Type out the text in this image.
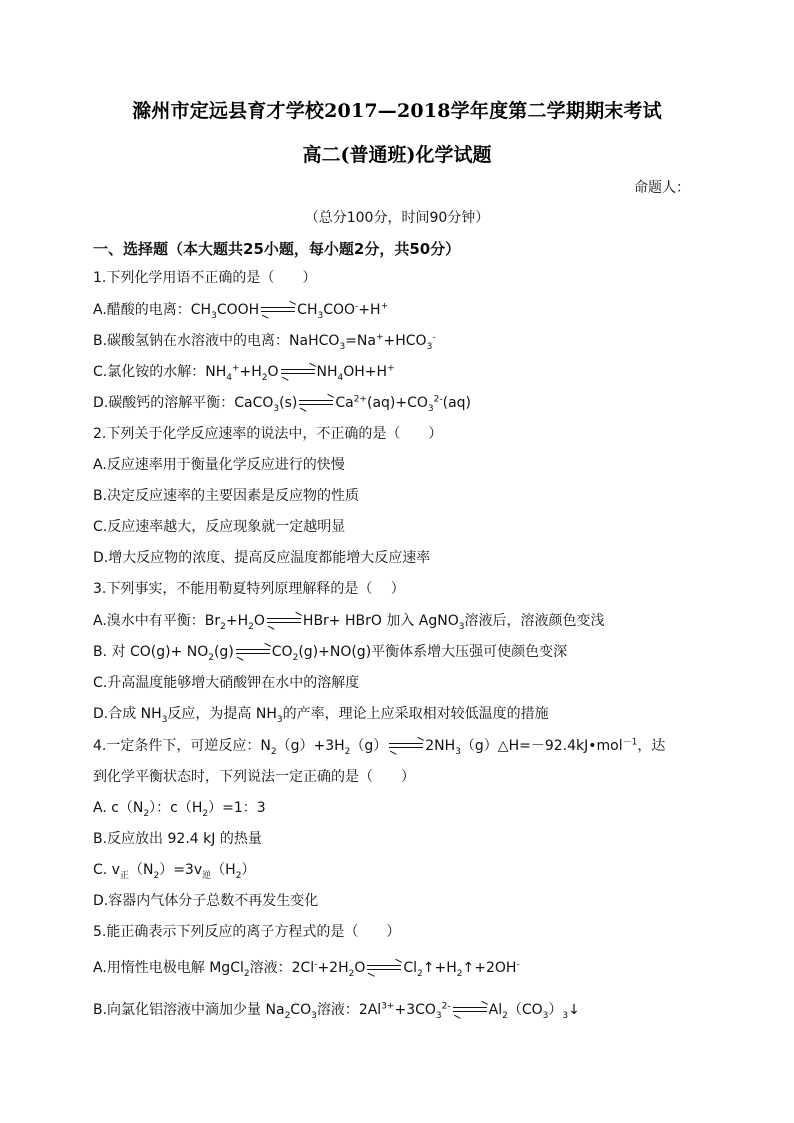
滁州市定远县育才学校2017—2018学年度第二学期期末考试
高二(普通班)化学试题
命题人：
（总分100分，时间90分钟）
一、选择题（本大题共25小题，每小题2分，共50分）
1.下列化学用语不正确的是（　　）
A.醋酸的电离：$CH_3COOH$	$CH_3COO^-+H^+$
B.碳酸氢钠在水溶液中的电离：$NaHCO_3=Na^++HCO_3^-$
C.氯化铵的水解：$NH_4^++H_2O$	$NH_4OH+H^+$
D.碳酸钙的溶解平衡：CaCO$_3$(s)	$Ca^{2+}(aq)+CO_3^{2-}(aq)$
2.下列关于化学反应速率的说法中，不正确的是（　　）
A.反应速率用于衡量化学反应进行的快慢
B.决定反应速率的主要因素是反应物的性质
C.反应速率越大，反应现象就一定越明显
D.增大反应物的浓度、提高反应温度都能增大反应速率
3.下列事实，不能用勒夏特列原理解释的是（　 ）
A.溴水中有平衡：$Br_2+H_2O$	HBr+ HBrO 加入 AgNO$_3$溶液后，溶液颜色变浅
B. 对 $CO(g)+ NO_2(g)$	$CO_2(g)+NO(g)$平衡体系增大压强可使颜色变深
C.升高温度能够增大硝酸钾在水中的溶解度
D.合成 $NH_3$反应，为提高 $NH_3$的产率，理论上应采取相对较低温度的措施
4.一定条件下，可逆反应：$N_2(g)+3H_2(g)$	$2NH_3(g)\triangle H=-92.4kJ•mol^{-1}$，达
到化学平衡状态时，下列说法一定正确的是（　　）
A. $c(N_2)$：$c(H_2)=1$：3
B.反应放出 92.4 kJ 的热量
C. $v_正(N_2)=3v_逆(H_2)$
D.容器内气体分子总数不再发生变化
5.能正确表示下列反应的离子方程式的是（　　）
A.用惰性电极电解 MgCl$_2$溶液：$2Cl^-+2H_2O$	$Cl_2↑+H_2↑+2OH^-$
B.向氯化铝溶液中滴加少量 $Na_2CO_3$溶液：$2Al^{3+}+3CO_3^{2-}$	$Al_2(CO_3)_3↓$
